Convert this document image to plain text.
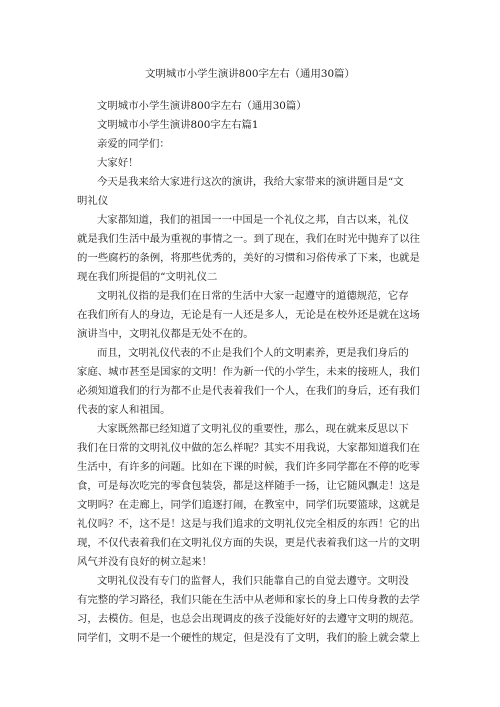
文明城市小学生演讲800字左右（通用30篇）
文明城市小学生演讲800字左右（通用30篇）
文明城市小学生演讲800字左右篇1
亲爱的同学们：
大家好！
今天是我来给大家进行这次的演讲，我给大家带来的演讲题目是“文
明礼仪
大家都知道，我们的祖国一一中国是一个礼仪之邦，自古以来，礼仪
就是我们生活中最为重视的事情之一。到了现在，我们在时光中抛弃了以往
的一些腐朽的条例，将那些优秀的，美好的习惯和习俗传承了下来，也就是
现在我们所提倡的“文明礼仪二
文明礼仪指的是我们在日常的生活中大家一起遵守的道德规范，它存
在我们所有人的身边，无论是有一人还是多人，无论是在校外还是就在这场
演讲当中，文明礼仪都是无处不在的。
而且，文明礼仪代表的不止是我们个人的文明素养，更是我们身后的
家庭、城市甚至是国家的文明！作为新一代的小学生，未来的接班人，我们
必须知道我们的行为都不止是代表着我们一个人，在我们的身后，还有我们
代表的家人和祖国。
大家既然都已经知道了文明礼仪的重要性，那么，现在就来反思以下
我们在日常的文明礼仪中做的怎么样呢？其实不用我说，大家都知道我们在
生活中，有许多的问题。比如在下课的时候，我们许多同学都在不停的吃零
食，可是每次吃完的零食包装袋，都是这样随手一扬，让它随风飘走！这是
文明吗？在走廊上，同学们追逐打闹，在教室中，同学们玩要篮球，这就是
礼仪吗？不，这不是！这是与我们追求的文明礼仪完全相反的东西！它的出
现，不仅代表着我们在文明礼仪方面的失误，更是代表着我们这一片的文明
风气并没有良好的树立起来！
文明礼仪没有专门的监督人，我们只能靠自己的自觉去遵守。文明没
有完整的学习路径，我们只能在生活中从老师和家长的身上口传身教的去学
习，去模仿。但是，也总会出现调皮的孩子没能好好的去遵守文明的规范。
同学们，文明不是一个硬性的规定，但是没有了文明，我们的脸上就会蒙上
